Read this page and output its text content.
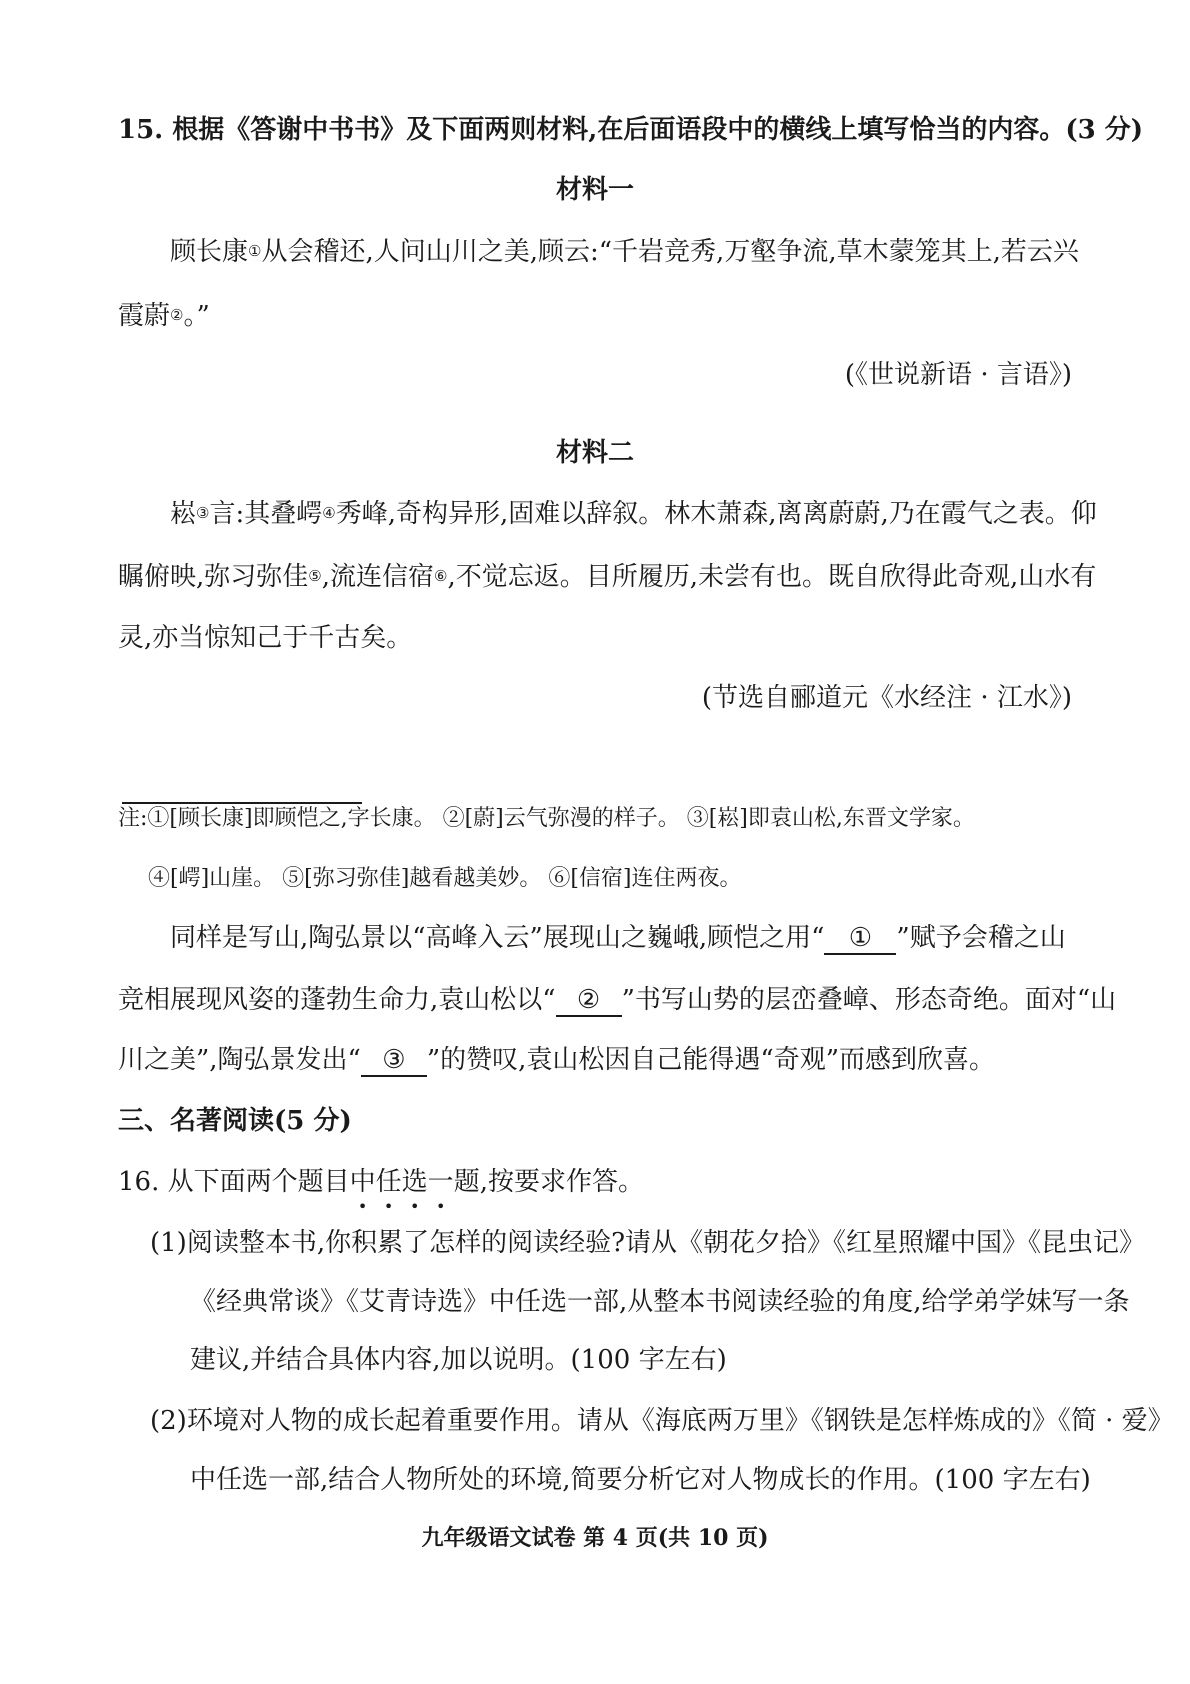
15. 根据《答谢中书书》及下面两则材料,在后面语段中的横线上填写恰当的内容。(3 分)
材料一
顾长康①从会稽还,人问山川之美,顾云:“千岩竞秀,万壑争流,草木蒙笼其上,若云兴
霞蔚②。”
(《世说新语 · 言语》)
材料二
崧③言:其叠崿④秀峰,奇构异形,固难以辞叙。林木萧森,离离蔚蔚,乃在霞气之表。仰
瞩俯映,弥习弥佳⑤,流连信宿⑥,不觉忘返。目所履历,未尝有也。既自欣得此奇观,山水有
灵,亦当惊知己于千古矣。
(节选自郦道元《水经注 · 江水》)
注:①[顾长康]即顾恺之,字长康。 ②[蔚]云气弥漫的样子。 ③[崧]即袁山松,东晋文学家。
④[崿]山崖。 ⑤[弥习弥佳]越看越美妙。 ⑥[信宿]连住两夜。
同样是写山,陶弘景以“高峰入云”展现山之巍峨,顾恺之用“ ① ”赋予会稽之山
竞相展现风姿的蓬勃生命力,袁山松以“ ② ”书写山势的层峦叠嶂、形态奇绝。面对“山
川之美”,陶弘景发出“ ③ ”的赞叹,袁山松因自己能得遇“奇观”而感到欣喜。
三、名著阅读(5 分)
16. 从下面两个题目中
•
任
•
选
•
一
•
题,按要求作答。
(1)阅读整本书,你积累了怎样的阅读经验?请从《朝花夕拾》《红星照耀中国》《昆虫记》
《经典常谈》《艾青诗选》中任选一部,从整本书阅读经验的角度,给学弟学妹写一条
建议,并结合具体内容,加以说明。(100 字左右)
(2)环境对人物的成长起着重要作用。请从《海底两万里》《钢铁是怎样炼成的》《简 · 爱》
中任选一部,结合人物所处的环境,简要分析它对人物成长的作用。(100 字左右)
九年级语文试卷 第 4 页(共 10 页)
